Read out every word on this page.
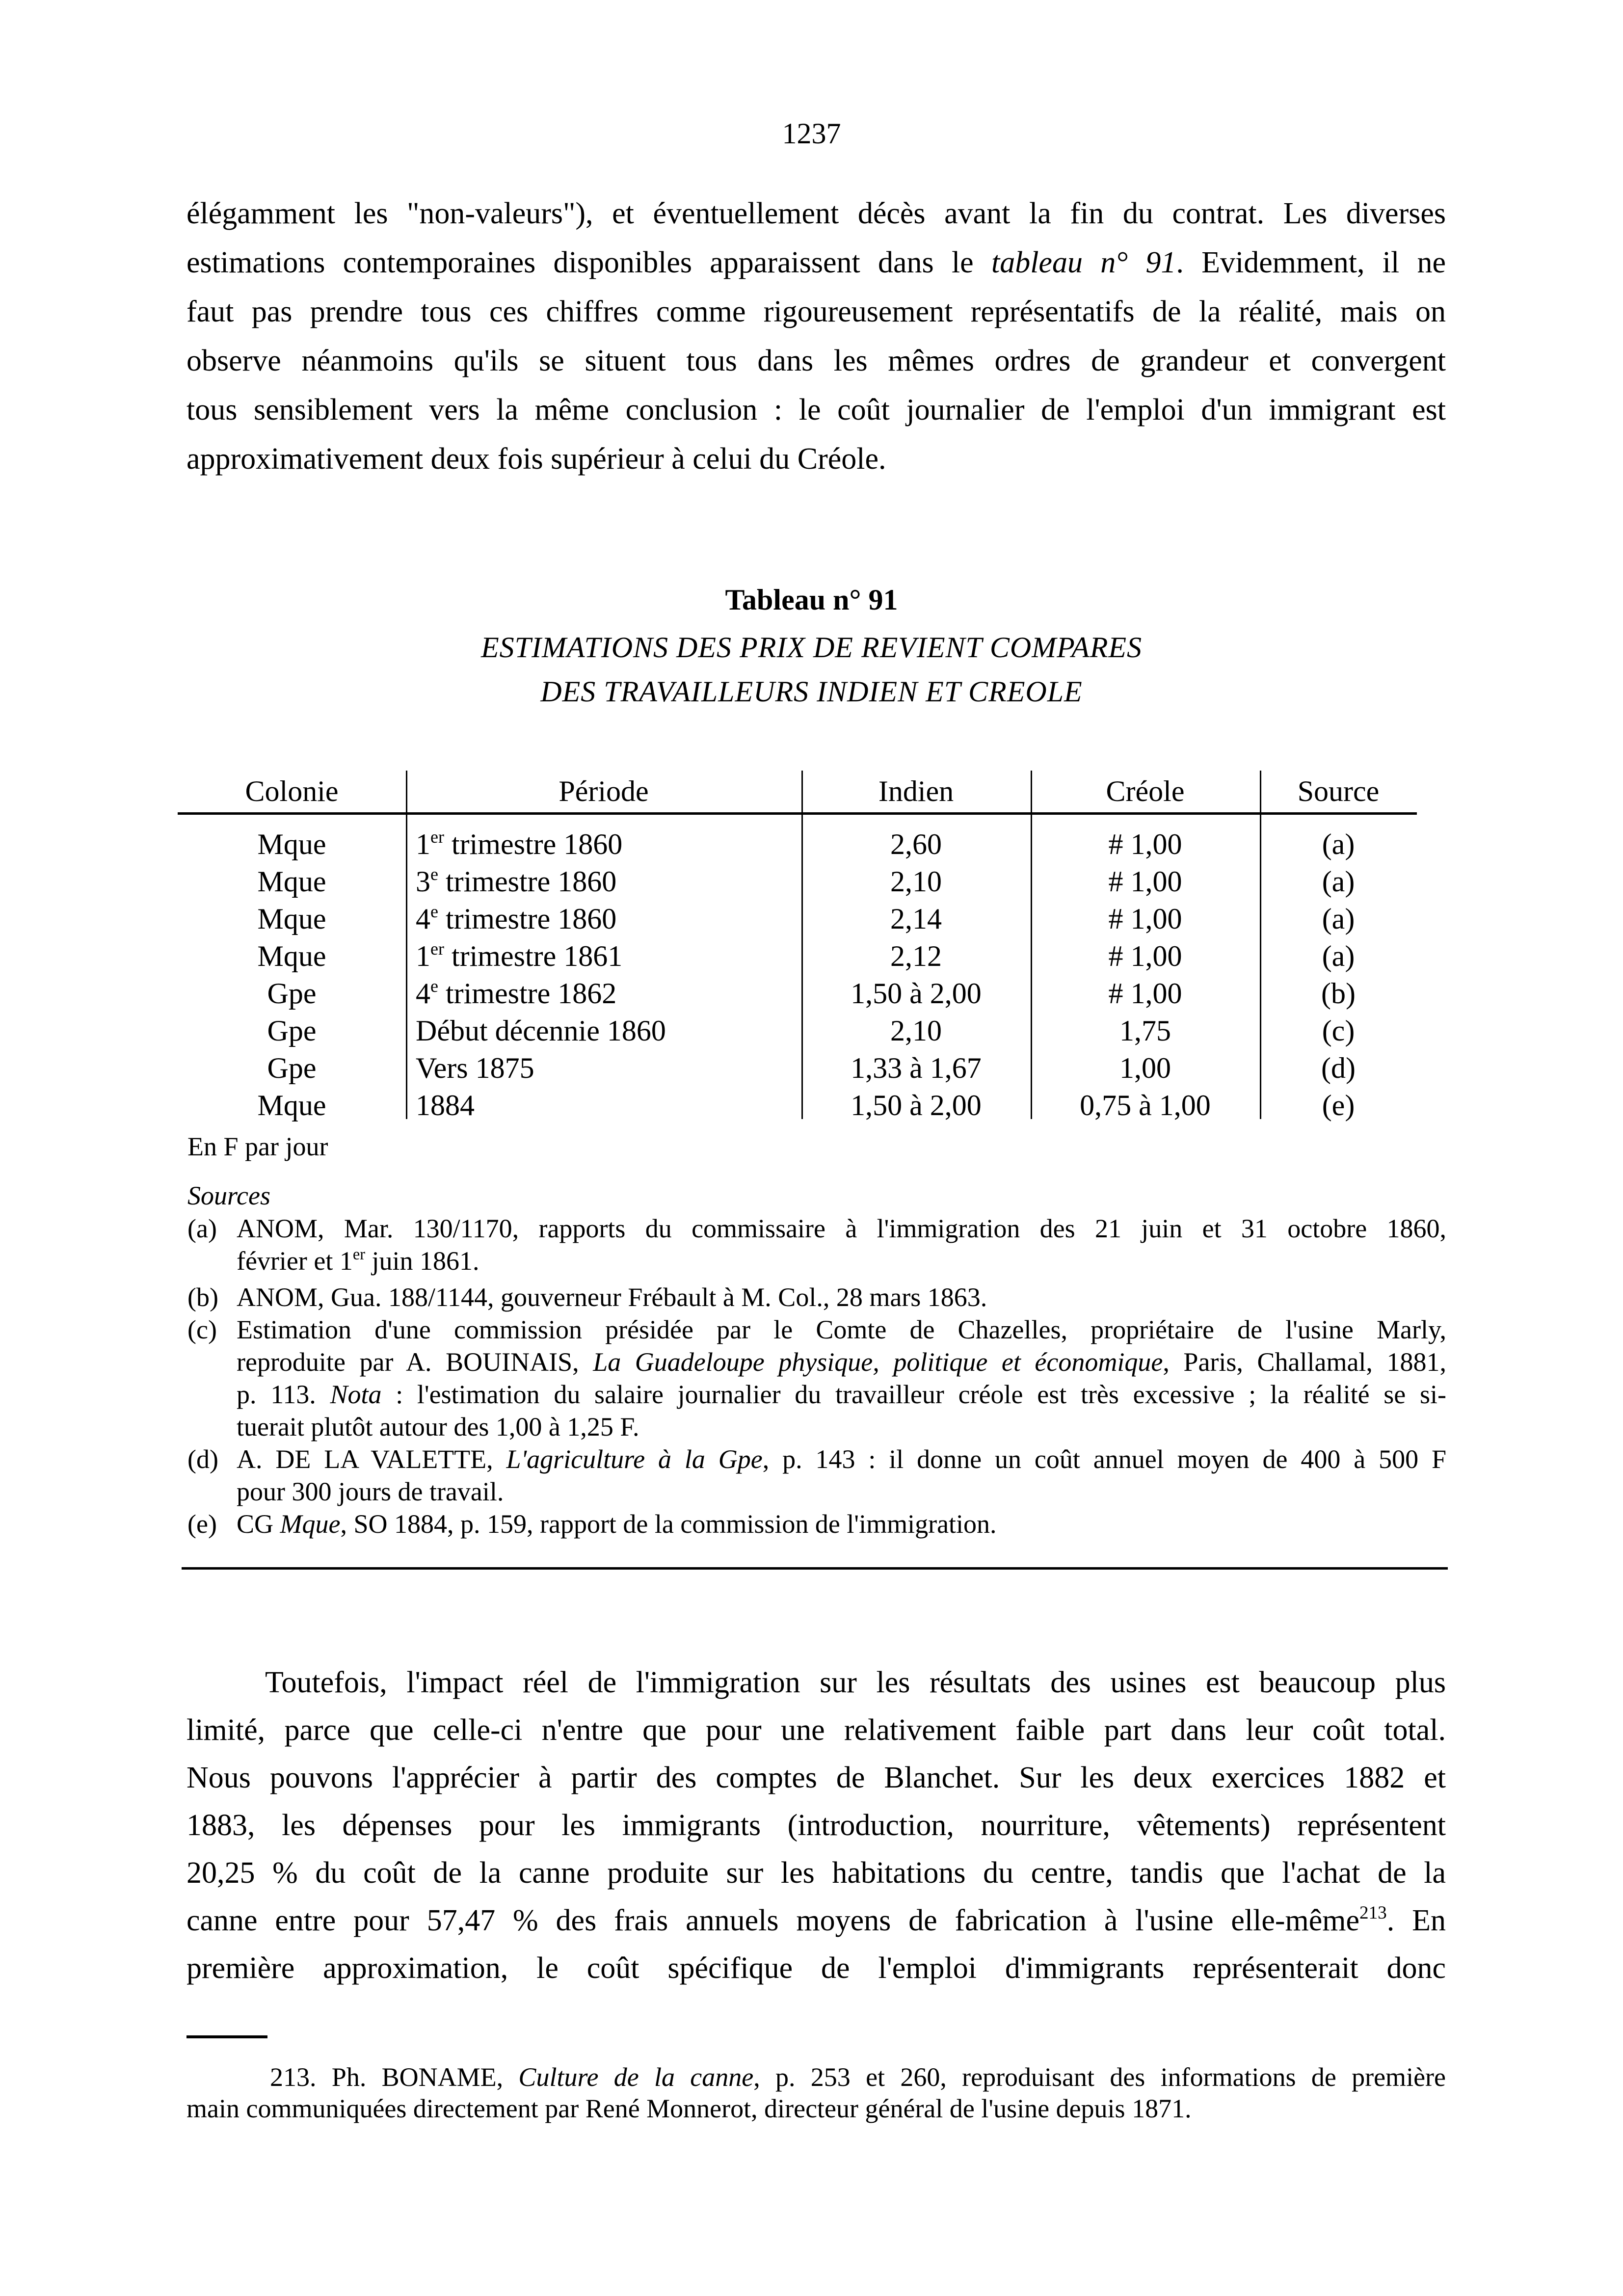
1237
élégamment les "non-valeurs"), et éventuellement décès avant la fin du contrat. Les diverses
estimations contemporaines disponibles apparaissent dans le tableau n° 91. Evidemment, il ne
faut pas prendre tous ces chiffres comme rigoureusement représentatifs de la réalité, mais on
observe néanmoins qu'ils se situent tous dans les mêmes ordres de grandeur et convergent
tous sensiblement vers la même conclusion : le coût journalier de l'emploi d'un immigrant est
approximativement deux fois supérieur à celui du Créole.
Tableau n° 91
ESTIMATIONS DES PRIX DE REVIENT COMPARES
DES TRAVAILLEURS INDIEN ET CREOLE
Colonie	Période	Indien	Créole	Source
Mque	1er trimestre 1860	2,60	# 1,00	(a)
Mque	3e trimestre 1860	2,10	# 1,00	(a)
Mque	4e trimestre 1860	2,14	# 1,00	(a)
Mque	1er trimestre 1861	2,12	# 1,00	(a)
Gpe	4e trimestre 1862	1,50 à 2,00	# 1,00	(b)
Gpe	Début décennie 1860	2,10	1,75	(c)
Gpe	Vers 1875	1,33 à 1,67	1,00	(d)
Mque	1884	1,50 à 2,00	0,75 à 1,00	(e)
En F par jour
Sources
(a) ANOM, Mar. 130/1170, rapports du commissaire à l'immigration des 21 juin et 31 octobre 1860,
février et 1er juin 1861.
(b) ANOM, Gua. 188/1144, gouverneur Frébault à M. Col., 28 mars 1863.
(c) Estimation d'une commission présidée par le Comte de Chazelles, propriétaire de l'usine Marly,
reproduite par A. BOUINAIS, La Guadeloupe physique, politique et économique, Paris, Challamal, 1881,
p. 113. Nota : l'estimation du salaire journalier du travailleur créole est très excessive ; la réalité se si-
tuerait plutôt autour des 1,00 à 1,25 F.
(d) A. DE LA VALETTE, L'agriculture à la Gpe, p. 143 : il donne un coût annuel moyen de 400 à 500 F
pour 300 jours de travail.
(e) CG Mque, SO 1884, p. 159, rapport de la commission de l'immigration.
Toutefois, l'impact réel de l'immigration sur les résultats des usines est beaucoup plus
limité, parce que celle-ci n'entre que pour une relativement faible part dans leur coût total.
Nous pouvons l'apprécier à partir des comptes de Blanchet. Sur les deux exercices 1882 et
1883, les dépenses pour les immigrants (introduction, nourriture, vêtements) représentent
20,25 % du coût de la canne produite sur les habitations du centre, tandis que l'achat de la
canne entre pour 57,47 % des frais annuels moyens de fabrication à l'usine elle-même$^{213}$. En
première approximation, le coût spécifique de l'emploi d'immigrants représenterait donc
213. Ph. BONAME, Culture de la canne, p. 253 et 260, reproduisant des informations de première
main communiquées directement par René Monnerot, directeur général de l'usine depuis 1871.
